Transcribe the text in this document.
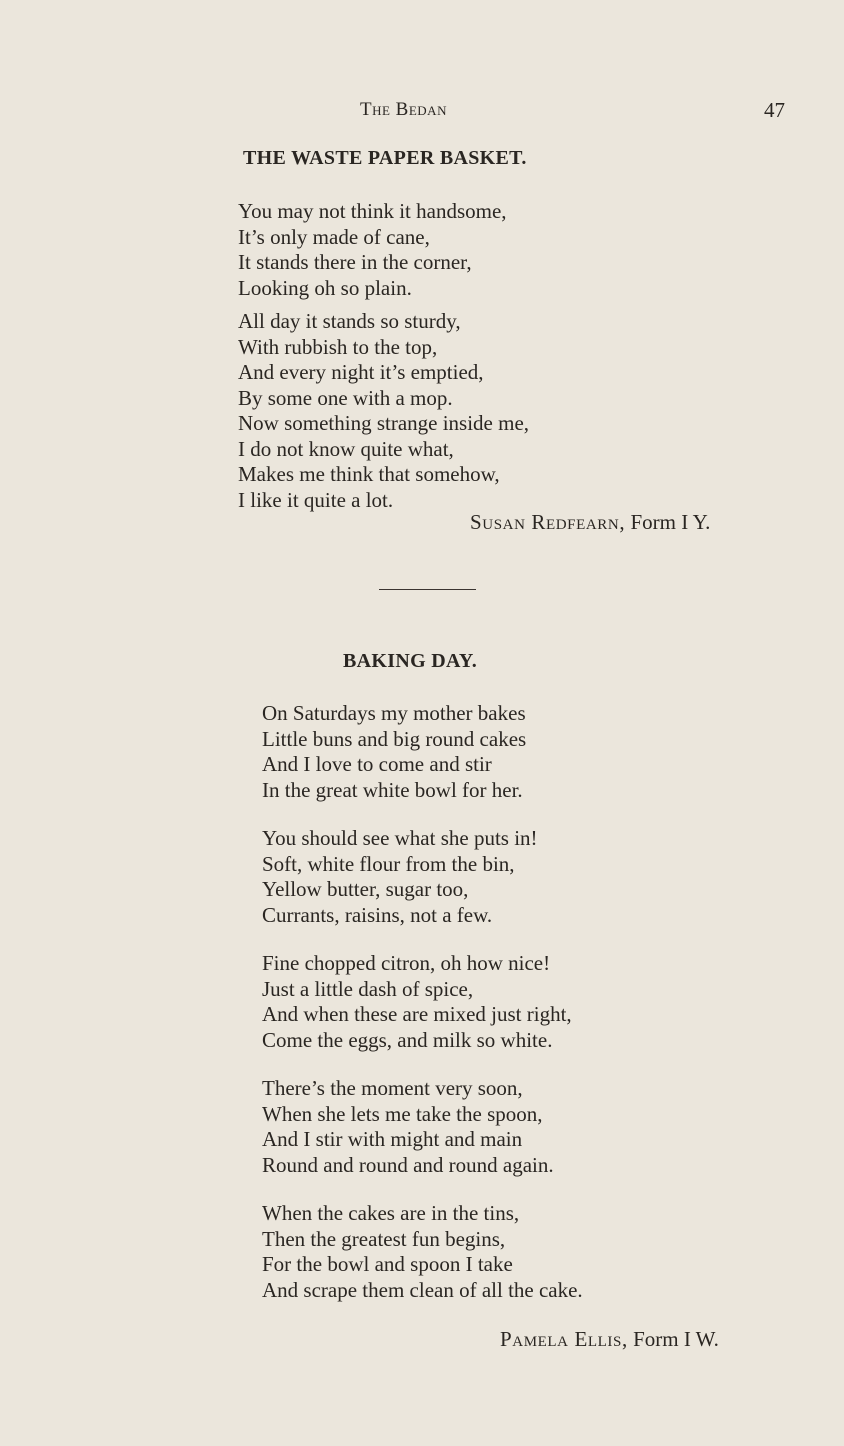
The Bedan	47
THE WASTE PAPER BASKET.
You may not think it handsome,
It’s only made of cane,
It stands there in the corner,
Looking oh so plain.
All day it stands so sturdy,
With rubbish to the top,
And every night it’s emptied,
By some one with a mop.
Now something strange inside me,
I do not know quite what,
Makes me think that somehow,
I like it quite a lot.
Susan Redfearn, Form I Y.
BAKING DAY.
On Saturdays my mother bakes
Little buns and big round cakes
And I love to come and stir
In the great white bowl for her.
You should see what she puts in!
Soft, white flour from the bin,
Yellow butter, sugar too,
Currants, raisins, not a few.
Fine chopped citron, oh how nice!
Just a little dash of spice,
And when these are mixed just right,
Come the eggs, and milk so white.
There’s the moment very soon,
When she lets me take the spoon,
And I stir with might and main
Round and round and round again.
When the cakes are in the tins,
Then the greatest fun begins,
For the bowl and spoon I take
And scrape them clean of all the cake.
Pamela Ellis, Form I W.
